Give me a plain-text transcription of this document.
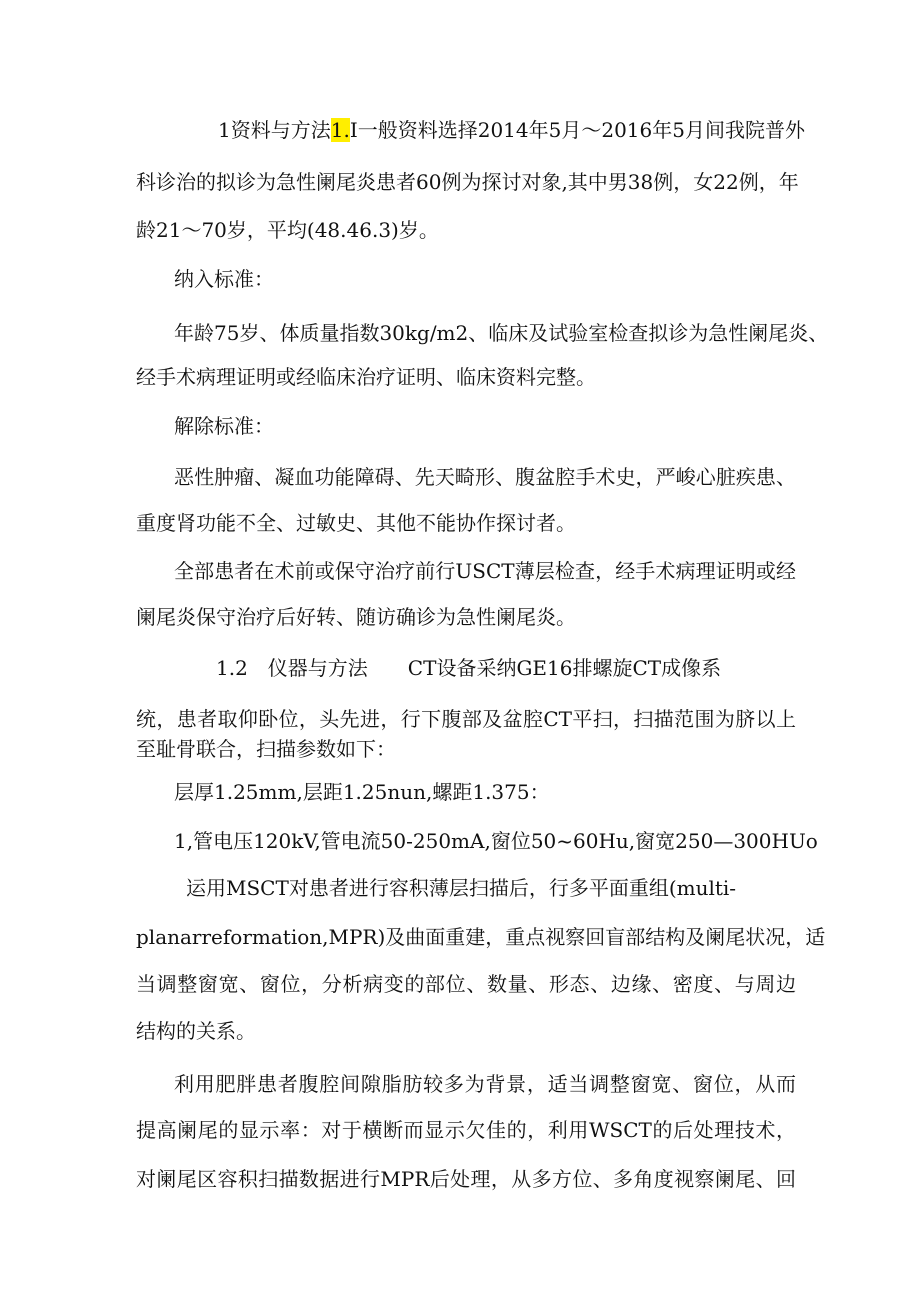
1资料与方法1.I一般资料选择2014年5月～2016年5月间我院普外
科诊治的拟诊为急性阑尾炎患者60例为探讨对象,其中男38例，女22例，年
龄21～70岁，平均(48.46.3)岁。
纳入标准：
年龄75岁、体质量指数30kg/m2、临床及试验室检查拟诊为急性阑尾炎、
经手术病理证明或经临床治疗证明、临床资料完整。
解除标准：
恶性肿瘤、凝血功能障碍、先天畸形、腹盆腔手术史，严峻心脏疾患、
重度肾功能不全、过敏史、其他不能协作探讨者。
全部患者在术前或保守治疗前行USCT薄层检查，经手术病理证明或经
阑尾炎保守治疗后好转、随访确诊为急性阑尾炎。
1.2　仪器与方法　　CT设备采纳GE16排螺旋CT成像系
统，患者取仰卧位，头先进，行下腹部及盆腔CT平扫，扫描范围为脐以上
至耻骨联合，扫描参数如下：
层厚1.25mm,层距1.25nun,螺距1.375：
1,管电压120kV,管电流50-250mA,窗位50~60Hu,窗宽250—300HUo
运用MSCT对患者进行容积薄层扫描后，行多平面重组(multi-
planarreformation,MPR)及曲面重建，重点视察回盲部结构及阑尾状况，适
当调整窗宽、窗位，分析病变的部位、数量、形态、边缘、密度、与周边
结构的关系。
利用肥胖患者腹腔间隙脂肪较多为背景，适当调整窗宽、窗位，从而
提高阑尾的显示率：对于横断而显示欠佳的，利用WSCT的后处理技术，
对阑尾区容积扫描数据进行MPR后处理，从多方位、多角度视察阑尾、回
